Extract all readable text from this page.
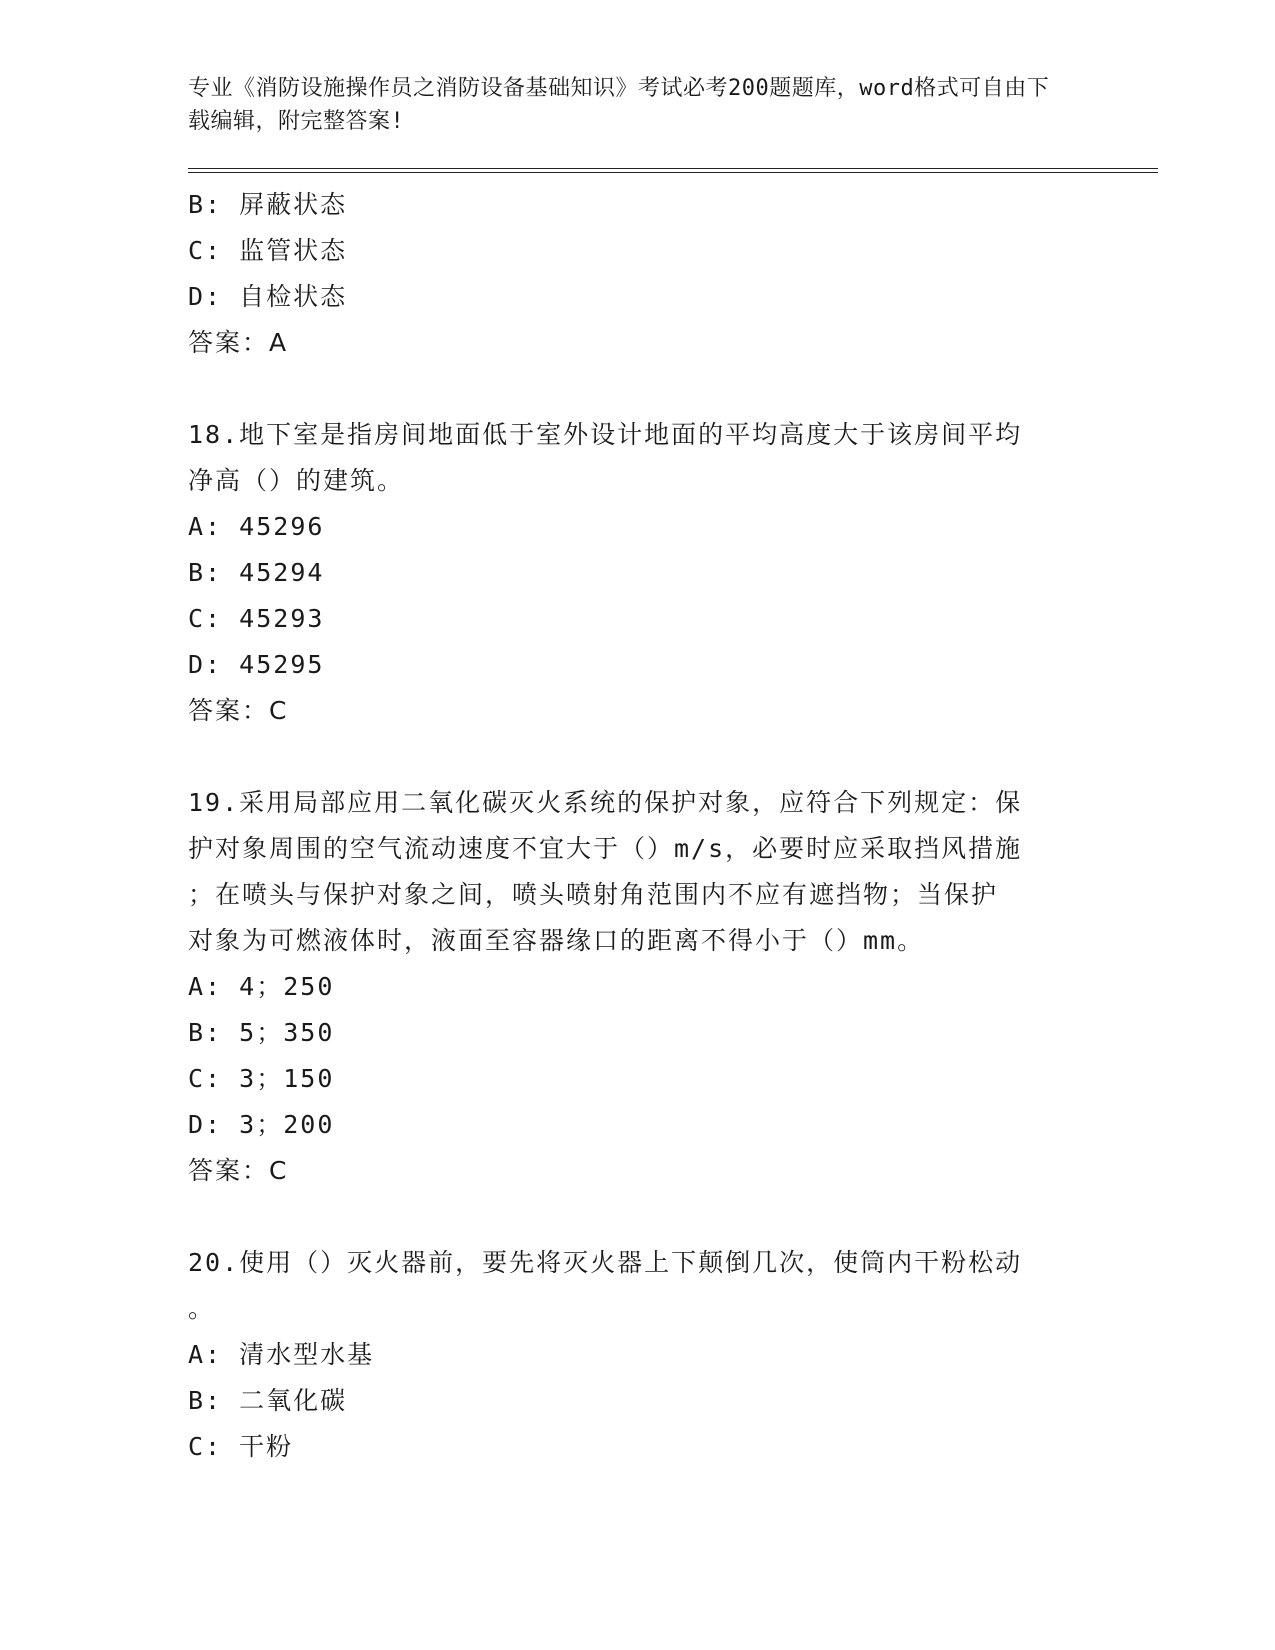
专业《消防设施操作员之消防设备基础知识》考试必考200题题库，word格式可自由下载编辑，附完整答案!
B: 屏蔽状态
C: 监管状态
D: 自检状态
答案：A
18.地下室是指房间地面低于室外设计地面的平均高度大于该房间平均
净高（）的建筑。
A: 45296
B: 45294
C: 45293
D: 45295
答案：C
19.采用局部应用二氧化碳灭火系统的保护对象，应符合下列规定：保
护对象周围的空气流动速度不宜大于（）m/s，必要时应采取挡风措施
；在喷头与保护对象之间，喷头喷射角范围内不应有遮挡物；当保护
对象为可燃液体时，液面至容器缘口的距离不得小于（）mm。
A: 4；250
B: 5；350
C: 3；150
D: 3；200
答案：C
20.使用（）灭火器前，要先将灭火器上下颠倒几次，使筒内干粉松动
。
A: 清水型水基
B: 二氧化碳
C: 干粉
